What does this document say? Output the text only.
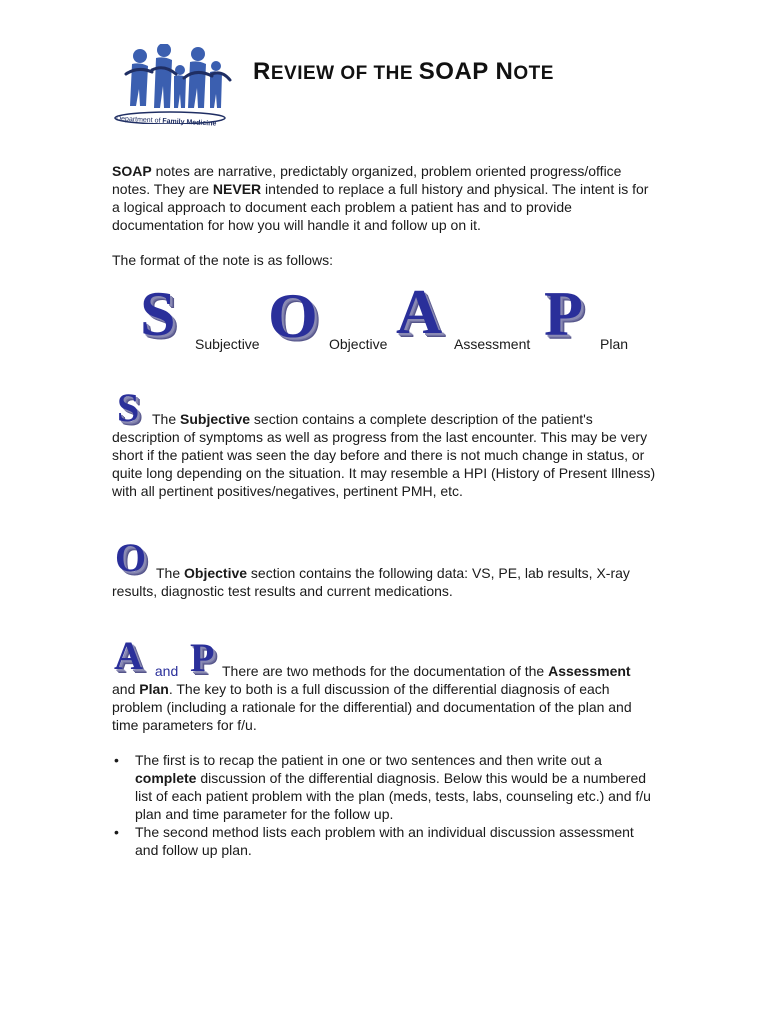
Department of Family Medicine
REVIEW OF THE SOAP NOTE
SOAP notes are narrative, predictably organized, problem oriented progress/office notes. They are NEVER intended to replace a full history and physical. The intent is for a logical approach to document each problem a patient has and to provide documentation for how you will handle it and follow up on it.
The format of the note is as follows:
S Subjective O Objective A Assessment P Plan
S The Subjective section contains a complete description of the patient's description of symptoms as well as progress from the last encounter. This may be very short if the patient was seen the day before and there is not much change in status, or quite long depending on the situation. It may resemble a HPI (History of Present Illness) with all pertinent positives/negatives, pertinent PMH, etc.
O The Objective section contains the following data: VS, PE, lab results, X-ray results, diagnostic test results and current medications.
A and P There are two methods for the documentation of the Assessment and Plan. The key to both is a full discussion of the differential diagnosis of each problem (including a rationale for the differential) and documentation of the plan and time parameters for f/u.
• The first is to recap the patient in one or two sentences and then write out a complete discussion of the differential diagnosis. Below this would be a numbered list of each patient problem with the plan (meds, tests, labs, counseling etc.) and f/u plan and time parameter for the follow up.
• The second method lists each problem with an individual discussion assessment and follow up plan.
